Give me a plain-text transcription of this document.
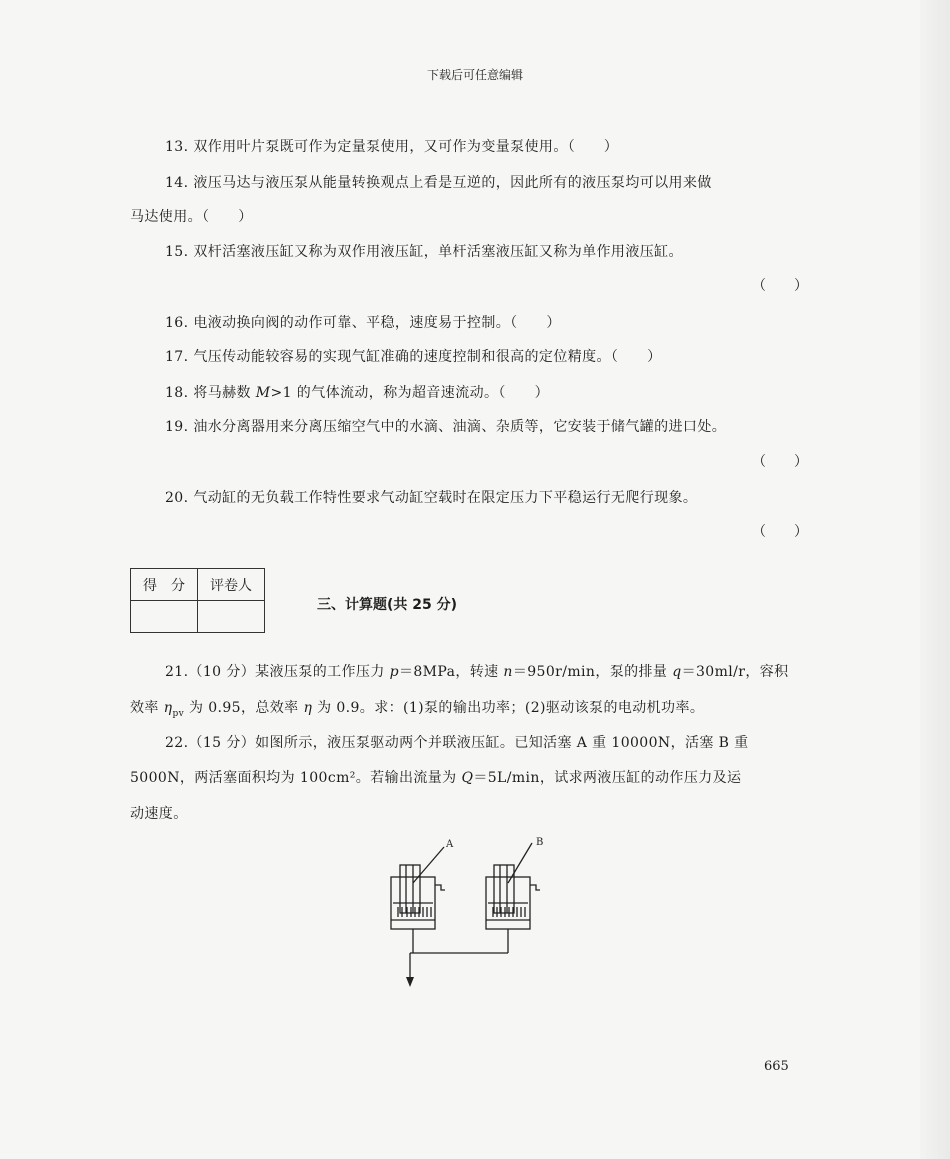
下载后可任意编辑
13. 双作用叶片泵既可作为定量泵使用，又可作为变量泵使用。（　　）
14. 液压马达与液压泵从能量转换观点上看是互逆的，因此所有的液压泵均可以用来做
马达使用。（　　）
15. 双杆活塞液压缸又称为双作用液压缸，单杆活塞液压缸又称为单作用液压缸。
（　　）
16. 电液动换向阀的动作可靠、平稳，速度易于控制。（　　）
17. 气压传动能较容易的实现气缸准确的速度控制和很高的定位精度。（　　）
18. 将马赫数 M>1 的气体流动，称为超音速流动。（　　）
19. 油水分离器用来分离压缩空气中的水滴、油滴、杂质等，它安装于储气罐的进口处。
（　　）
20. 气动缸的无负载工作特性要求气动缸空载时在限定压力下平稳运行无爬行现象。
（　　）
得　分	评卷人

三、计算题(共 25 分)
21.（10 分）某液压泵的工作压力 p＝8MPa，转速 n＝950r/min，泵的排量 q＝30ml/r，容积
效率 $\eta_{pv}$ 为 0.95，总效率 η 为 0.9。求：(1)泵的输出功率；(2)驱动该泵的电动机功率。
22.（15 分）如图所示，液压泵驱动两个并联液压缸。已知活塞 A 重 10000N，活塞 B 重
5000N，两活塞面积均为 100cm²。若输出流量为 Q＝5L/min，试求两液压缸的动作压力及运
动速度。
A	B
665
